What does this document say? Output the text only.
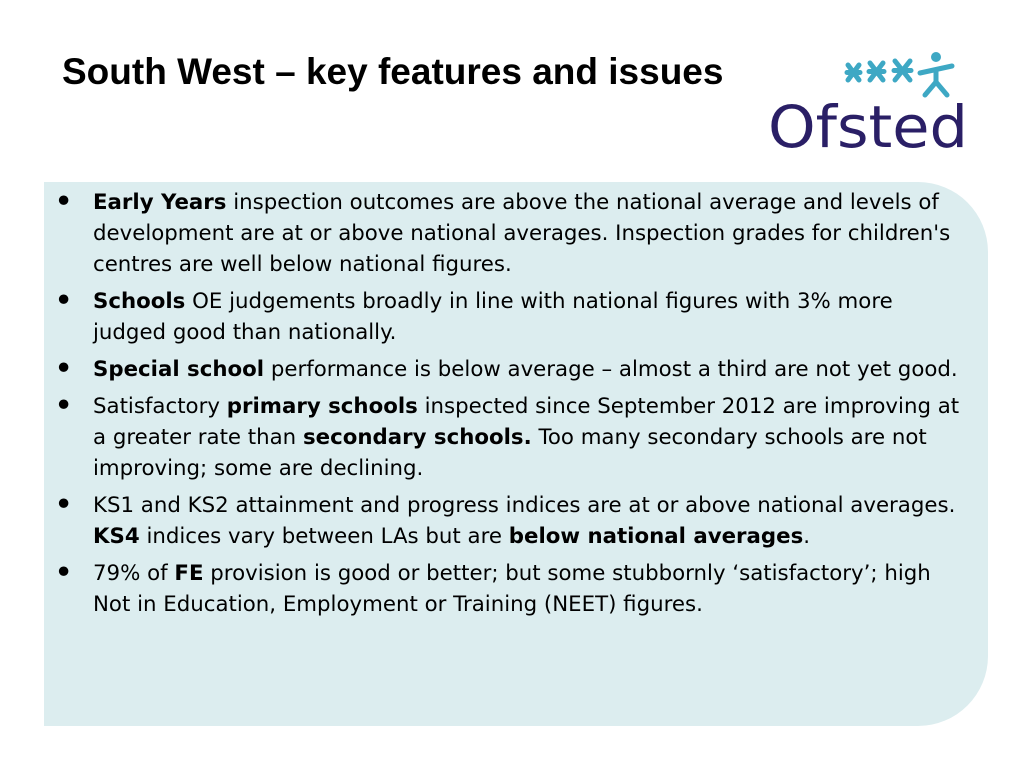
South West – key features and issues
Ofsted
• Early Years inspection outcomes are above the national average and levels of development are at or above national averages. Inspection grades for children's centres are well below national figures.
• Schools OE judgements broadly in line with national figures with 3% more judged good than nationally.
• Special school performance is below average – almost a third are not yet good.
• Satisfactory primary schools inspected since September 2012 are improving at a greater rate than secondary schools. Too many secondary schools are not improving; some are declining.
• KS1 and KS2 attainment and progress indices are at or above national averages. KS4 indices vary between LAs but are below national averages.
• 79% of FE provision is good or better; but some stubbornly ‘satisfactory’; high Not in Education, Employment or Training (NEET) figures.
